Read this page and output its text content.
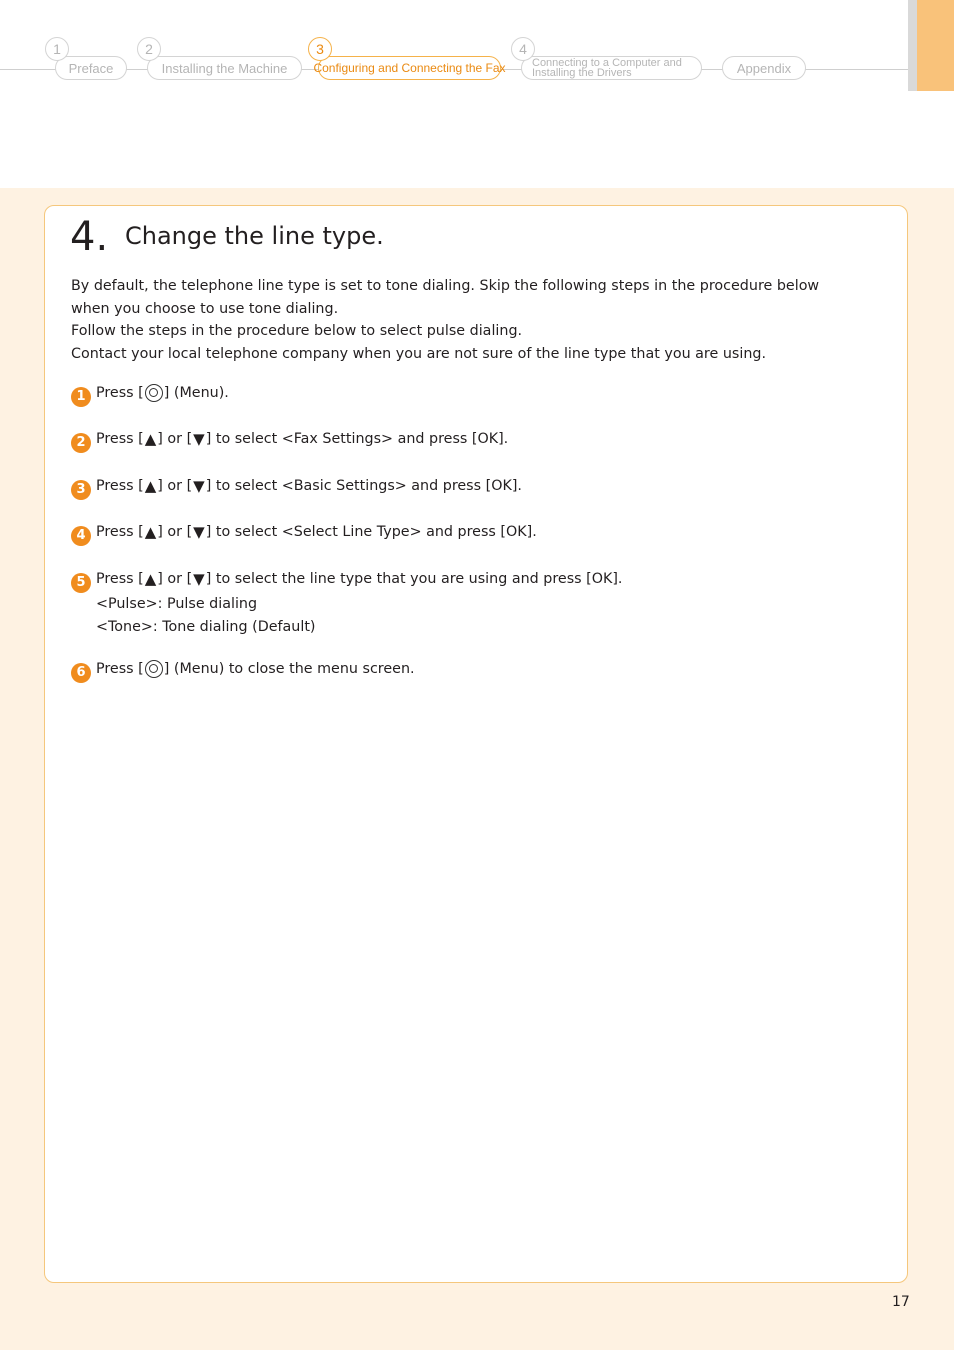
Preface
1
Installing the Machine
2
Configuring and Connecting the Fax
3
Connecting to a Computer and
Installing the Drivers
4
Appendix
4. Change the line type.

By default, the telephone line type is set to tone dialing. Skip the following steps in the procedure below when you choose to use tone dialing.

Follow the steps in the procedure below to select pulse dialing.

Contact your local telephone company when you are not sure of the line type that you are using.

1 Press [ ] (Menu).
2 Press [▲] or [▼] to select <Fax Settings> and press [OK].
3 Press [▲] or [▼] to select <Basic Settings> and press [OK].
4 Press [▲] or [▼] to select <Select Line Type> and press [OK].
5 Press [▲] or [▼] to select the line type that you are using and press [OK].
<Pulse>: Pulse dialing
<Tone>: Tone dialing (Default)
6 Press [ ] (Menu) to close the menu screen.
17
